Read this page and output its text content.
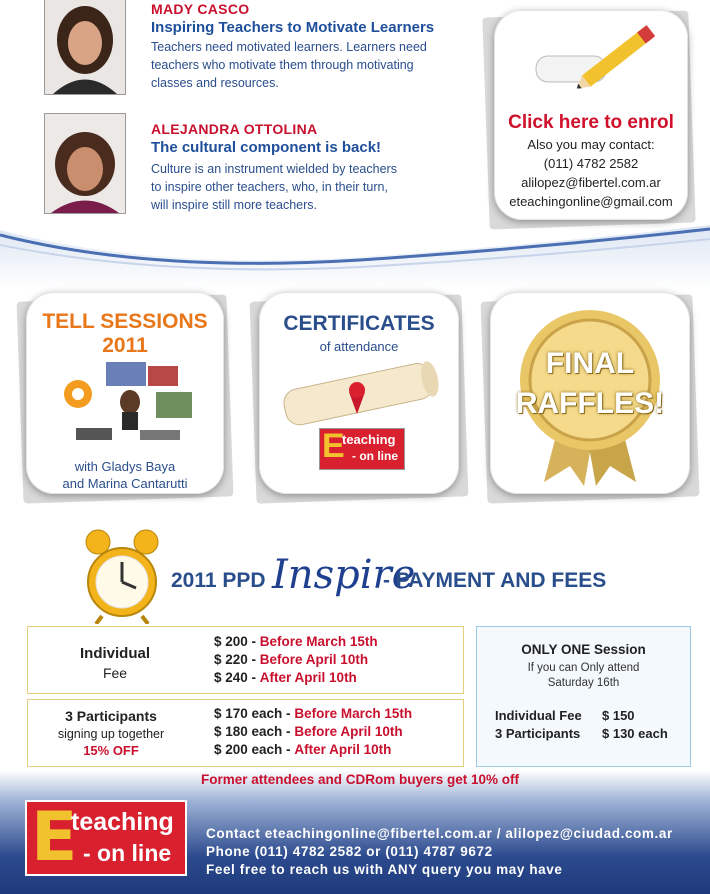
MADY CASCO
Inspiring Teachers to Motivate Learners
Teachers need motivated learners. Learners need
teachers who motivate them through motivating
classes and resources.
ALEJANDRA OTTOLINA
The cultural component is back!
Culture is an instrument wielded by teachers
to inspire other teachers, who, in their turn,
will inspire still more teachers.
Click here to enrol
Also you may contact:
(011) 4782 2582
alilopez@fibertel.com.ar
eteachingonline@gmail.com
TELL SESSIONS
2011
with Gladys Baya
and Marina Cantarutti
CERTIFICATES
of attendance
E
teaching
- on line
FINAL
RAFFLES!
2011 PPD Inspire
- PAYMENT AND FEES
Individual
Fee
$ 200 - Before March 15th
$ 220 - Before April 10th
$ 240 - After April 10th
3 Participants
signing up together
15% OFF
$ 170 each - Before March 15th
$ 180 each - Before April 10th
$ 200 each - After April 10th
ONLY ONE Session
If you can Only attend
Saturday 16th
Individual Fee $ 150
3 Participants $ 130 each
Former attendees and CDRom buyers get 10% off
E
teaching
- on line
Contact eteachingonline@fibertel.com.ar / alilopez@ciudad.com.ar
Phone (011) 4782 2582 or (011) 4787 9672
Feel free to reach us with ANY query you may have
